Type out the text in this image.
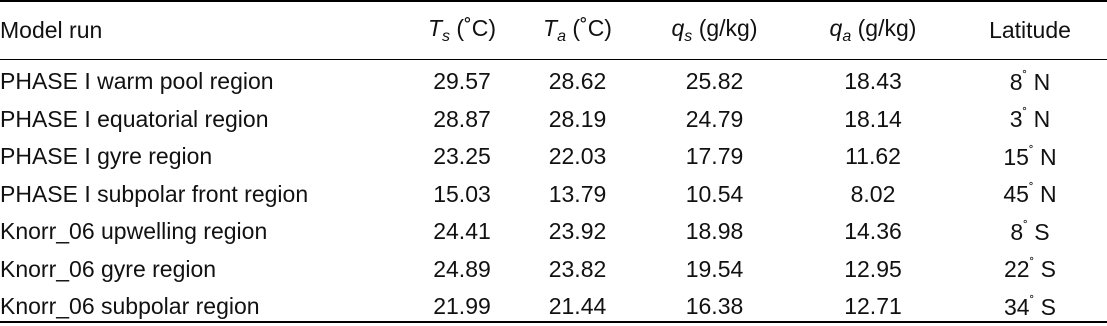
Model run	$T_s$ (˚C)	$T_a$ (˚C)	$q_s$ (g/kg)	$q_a$ (g/kg)	Latitude
PHASE I warm pool region	29.57	28.62	25.82	18.43	8˚ N
PHASE I equatorial region	28.87	28.19	24.79	18.14	3˚ N
PHASE I gyre region	23.25	22.03	17.79	11.62	15˚ N
PHASE I subpolar front region	15.03	13.79	10.54	8.02	45˚ N
Knorr_06 upwelling region	24.41	23.92	18.98	14.36	8˚ S
Knorr_06 gyre region	24.89	23.82	19.54	12.95	22˚ S
Knorr_06 subpolar region	21.99	21.44	16.38	12.71	34˚ S
